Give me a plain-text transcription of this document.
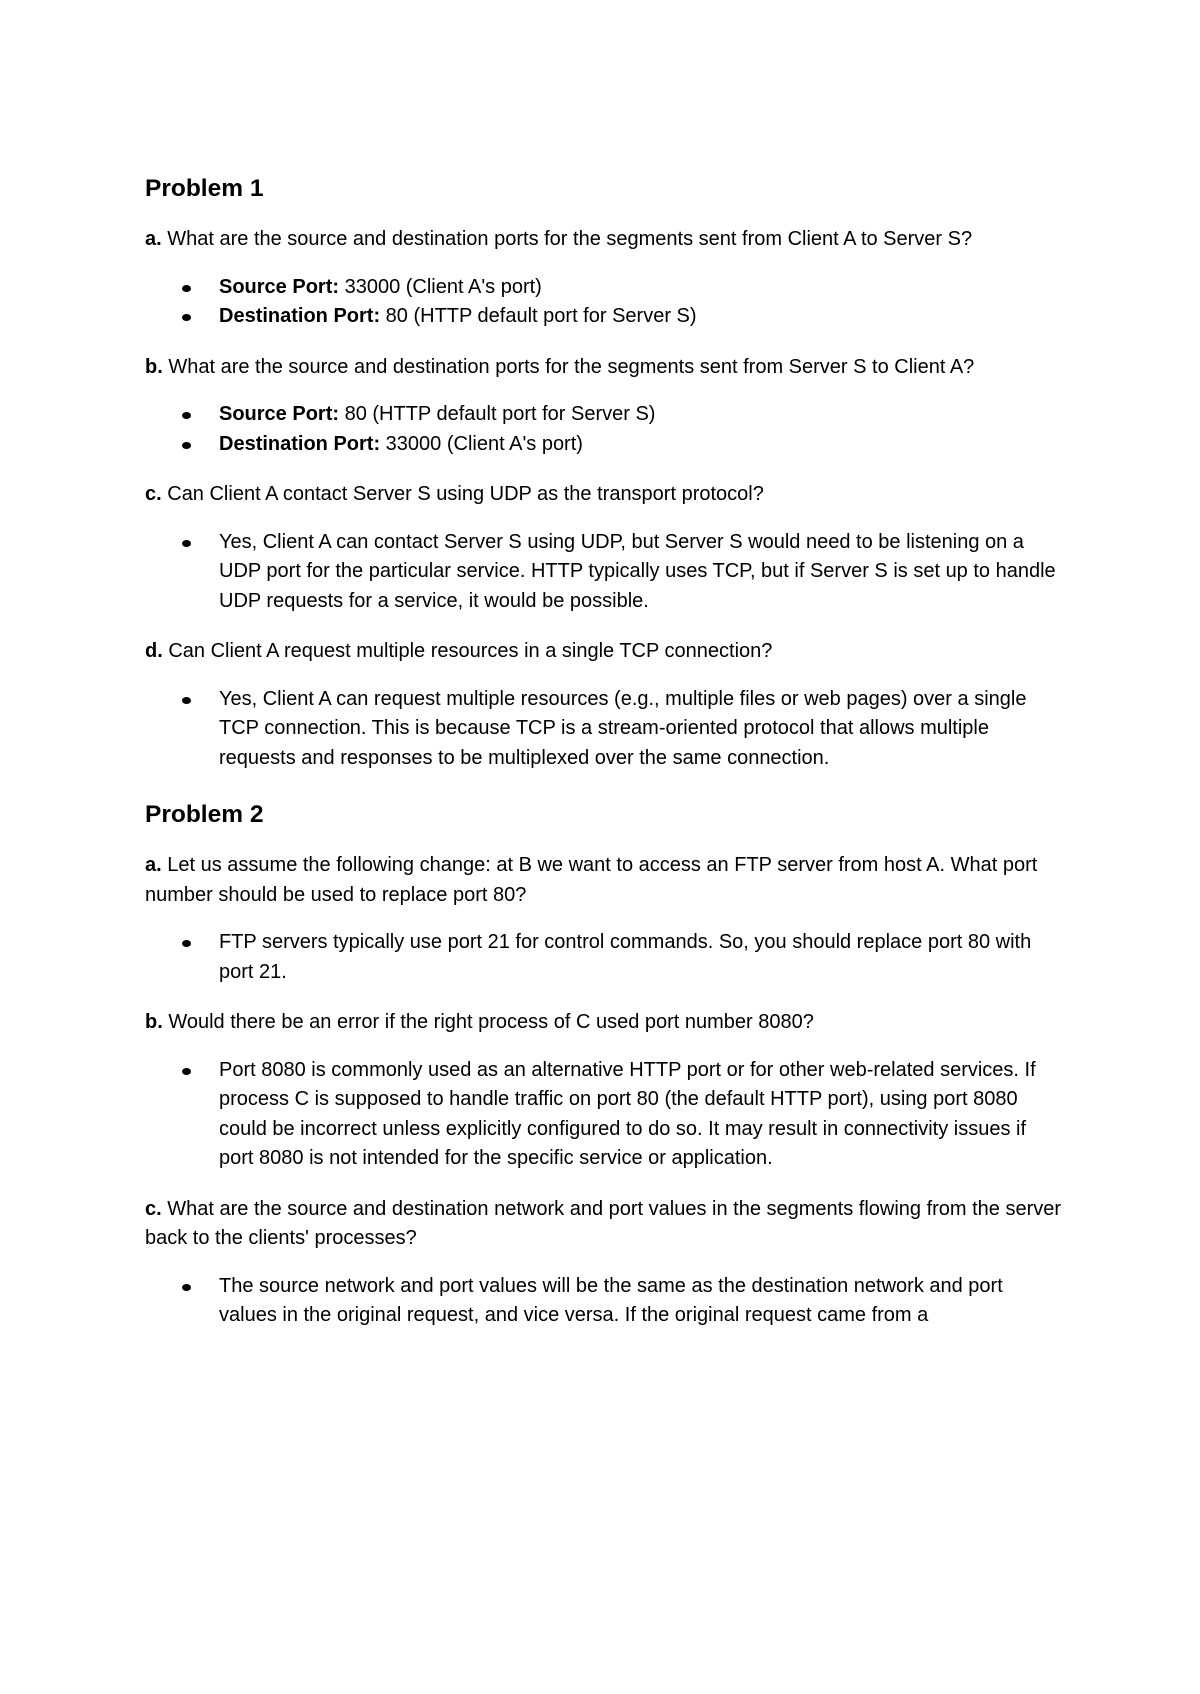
Problem 1

a. What are the source and destination ports for the segments sent from Client A to Server S?

Source Port: 33000 (Client A's port)
Destination Port: 80 (HTTP default port for Server S)

b. What are the source and destination ports for the segments sent from Server S to Client A?

Source Port: 80 (HTTP default port for Server S)
Destination Port: 33000 (Client A's port)

c. Can Client A contact Server S using UDP as the transport protocol?

Yes, Client A can contact Server S using UDP, but Server S would need to be listening on a UDP port for the particular service. HTTP typically uses TCP, but if Server S is set up to handle UDP requests for a service, it would be possible.

d. Can Client A request multiple resources in a single TCP connection?

Yes, Client A can request multiple resources (e.g., multiple files or web pages) over a single TCP connection. This is because TCP is a stream-oriented protocol that allows multiple requests and responses to be multiplexed over the same connection.
Problem 2

a. Let us assume the following change: at B we want to access an FTP server from host A. What port number should be used to replace port 80?

FTP servers typically use port 21 for control commands. So, you should replace port 80 with port 21.

b. Would there be an error if the right process of C used port number 8080?

Port 8080 is commonly used as an alternative HTTP port or for other web-related services. If process C is supposed to handle traffic on port 80 (the default HTTP port), using port 8080 could be incorrect unless explicitly configured to do so. It may result in connectivity issues if port 8080 is not intended for the specific service or application.

c. What are the source and destination network and port values in the segments flowing from the server back to the clients' processes?

The source network and port values will be the same as the destination network and port values in the original request, and vice versa. If the original request came from a
